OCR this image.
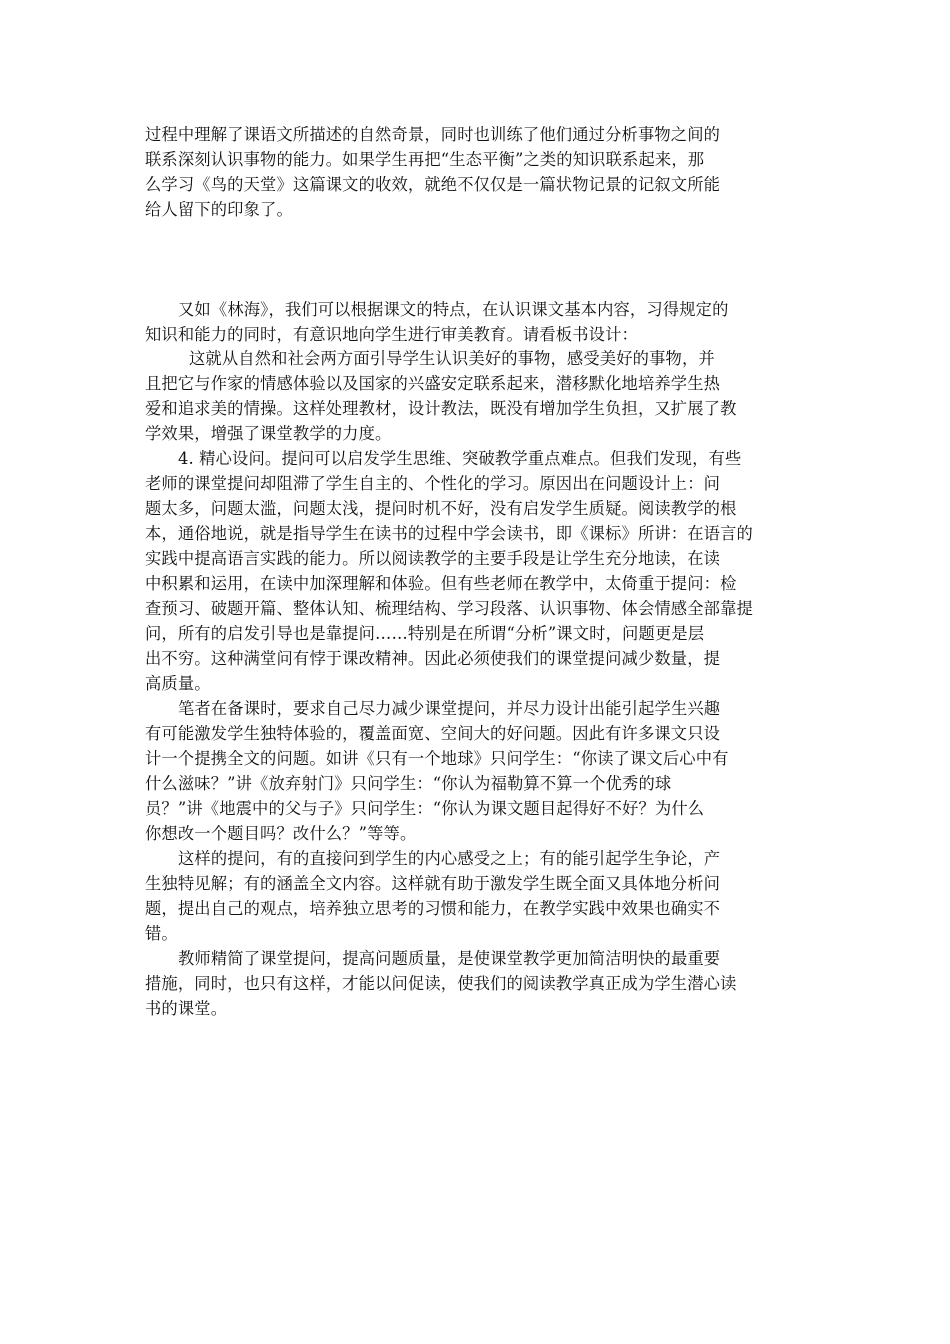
过程中理解了课语文所描述的自然奇景，同时也训练了他们通过分析事物之间的
联系深刻认识事物的能力。如果学生再把“生态平衡”之类的知识联系起来，那
么学习《鸟的天堂》这篇课文的收效，就绝不仅仅是一篇状物记景的记叙文所能
给人留下的印象了。
又如《林海》，我们可以根据课文的特点，在认识课文基本内容，习得规定的
知识和能力的同时，有意识地向学生进行审美教育。请看板书设计：
这就从自然和社会两方面引导学生认识美好的事物，感受美好的事物，并
且把它与作家的情感体验以及国家的兴盛安定联系起来，潜移默化地培养学生热
爱和追求美的情操。这样处理教材，设计教法，既没有增加学生负担，又扩展了教
学效果，增强了课堂教学的力度。
4. 精心设问。提问可以启发学生思维、突破教学重点难点。但我们发现，有些
老师的课堂提问却阻滞了学生自主的、个性化的学习。原因出在问题设计上：问
题太多，问题太滥，问题太浅，提问时机不好，没有启发学生质疑。阅读教学的根
本，通俗地说，就是指导学生在读书的过程中学会读书，即《课标》所讲：在语言的
实践中提高语言实践的能力。所以阅读教学的主要手段是让学生充分地读，在读
中积累和运用，在读中加深理解和体验。但有些老师在教学中，太倚重于提问：检
查预习、破题开篇、整体认知、梳理结构、学习段落、认识事物、体会情感全部靠提
问，所有的启发引导也是靠提问……特别是在所谓“分析”课文时，问题更是层
出不穷。这种满堂问有悖于课改精神。因此必须使我们的课堂提问减少数量，提
高质量。
笔者在备课时，要求自己尽力减少课堂提问，并尽力设计出能引起学生兴趣
有可能激发学生独特体验的，覆盖面宽、空间大的好问题。因此有许多课文只设
计一个提携全文的问题。如讲《只有一个地球》只问学生：“你读了课文后心中有
什么滋味？”讲《放弃射门》只问学生：“你认为福勒算不算一个优秀的球
员？”讲《地震中的父与子》只问学生：“你认为课文题目起得好不好？为什么
你想改一个题目吗？改什么？”等等。
这样的提问，有的直接问到学生的内心感受之上；有的能引起学生争论，产
生独特见解；有的涵盖全文内容。这样就有助于激发学生既全面又具体地分析问
题，提出自己的观点，培养独立思考的习惯和能力，在教学实践中效果也确实不
错。
教师精简了课堂提问，提高问题质量，是使课堂教学更加简洁明快的最重要
措施，同时，也只有这样，才能以问促读，使我们的阅读教学真正成为学生潜心读
书的课堂。
